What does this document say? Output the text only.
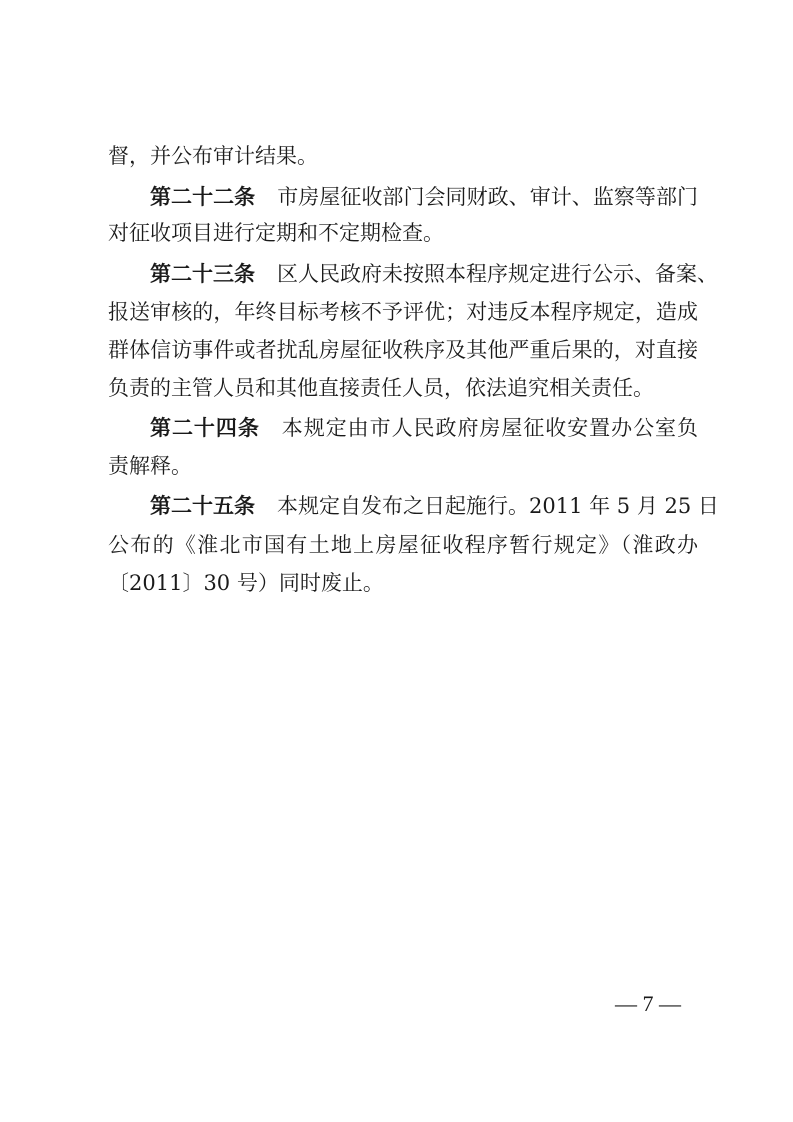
督，并公布审计结果。
第二十二条 市房屋征收部门会同财政、审计、监察等部门
对征收项目进行定期和不定期检查。
第二十三条 区人民政府未按照本程序规定进行公示、备案、
报送审核的，年终目标考核不予评优；对违反本程序规定，造成
群体信访事件或者扰乱房屋征收秩序及其他严重后果的，对直接
负责的主管人员和其他直接责任人员，依法追究相关责任。
第二十四条 本规定由市人民政府房屋征收安置办公室负
责解释。
第二十五条 本规定自发布之日起施行。2011 年 5 月 25 日
公布的《淮北市国有土地上房屋征收程序暂行规定》（淮政办
〔2011〕30 号）同时废止。
— 7 —
